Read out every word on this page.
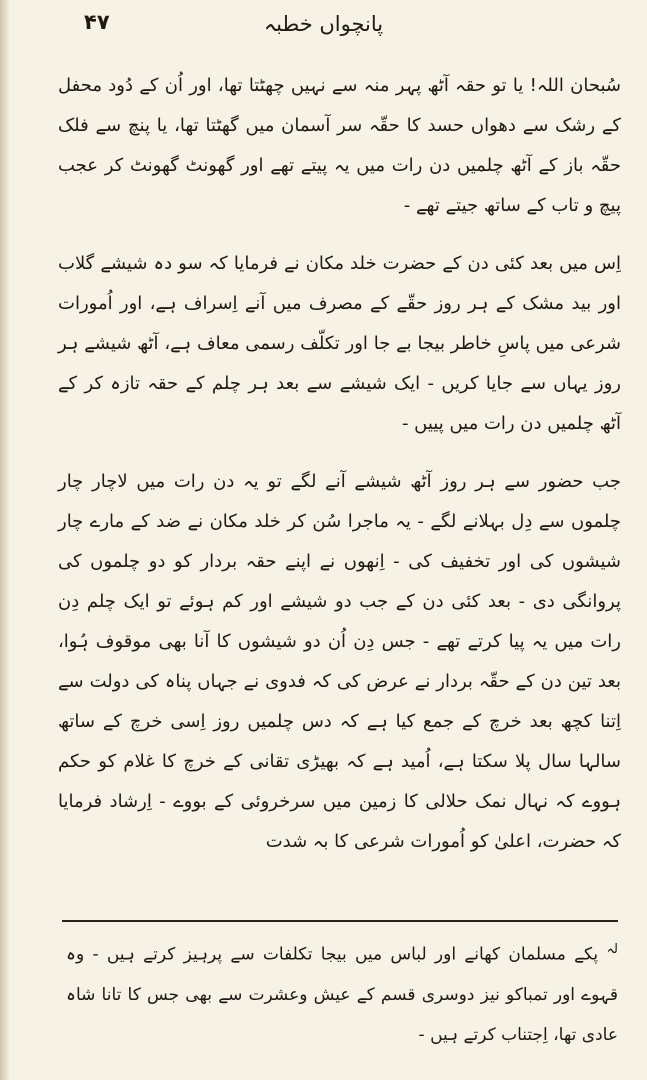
۴۷	پانچواں خطبہ

سُبحان اللہ! یا تو حقہ آٹھ پہر منہ سے نہیں چھٹتا تھا، اور اُن کے دُود محفل کے رشک سے دھواں حسد کا حقّہ سر آسمان میں گھٹتا تھا، یا پنچ سے فلک حقّہ باز کے آٹھ چلمیں دن رات میں یہ پیتے تھے اور گھونٹ گھونٹ کر عجب پیچ و تاب کے ساتھ جیتے تھے -

اِس میں بعد کئی دن کے حضرت خلد مکان نے فرمایا کہ سو دہ شیشے گلاب اور بید مشک کے ہر روز حقّے کے مصرف میں آنے اِسراف ہے، اور اُمورات شرعی میں پاسِ خاطر بیجا بے جا اور تکلّف رسمی معاف ہے، آٹھ شیشے ہر روز یہاں سے جایا کریں - ایک شیشے سے بعد ہر چلم کے حقہ تازہ کر کے آٹھ چلمیں دن رات میں پییں -

جب حضور سے ہر روز آٹھ شیشے آنے لگے تو یہ دن رات میں لاچار چار چلموں سے دِل بہلانے لگے - یہ ماجرا سُن کر خلد مکان نے ضد کے مارے چار شیشوں کی اور تخفیف کی - اِنھوں نے اپنے حقہ بردار کو دو چلموں کی پروانگی دی - بعد کئی دن کے جب دو شیشے اور کم ہوئے تو ایک چلم دِن رات میں یہ پیا کرتے تھے - جس دِن اُن دو شیشوں کا آنا بھی موقوف ہُوا، بعد تین دن کے حقّہ بردار نے عرض کی کہ فدوی نے جہاں پناہ کی دولت سے اِتنا کچھ بعد خرچ کے جمع کیا ہے کہ دس چلمیں روز اِسی خرچ کے ساتھ سالہا سال پلا سکتا ہے، اُمید ہے کہ بھیڑی تقانی کے خرچ کا غلام کو حکم ہووے کہ نہال نمک حلالی کا زمین میں سرخروئی کے بووے - اِرشاد فرمایا کہ حضرت، اعلیٰ کو اُمورات شرعی کا بہ شدت

$^{لہ}$ پکے مسلمان کھانے اور لباس میں بیجا تکلفات سے پرہیز کرتے ہیں - وہ قہوے اور تمباکو نیز دوسری قسم کے عیش وعشرت سے بھی جس کا تانا شاہ عادی تھا، اِجتناب کرتے ہیں -
